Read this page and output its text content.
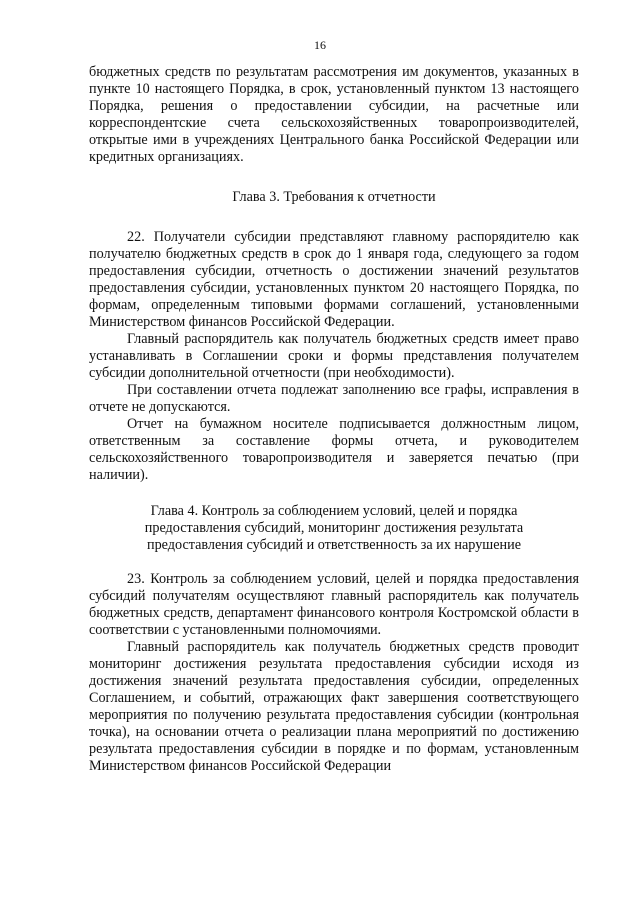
16

бюджетных средств по результатам рассмотрения им документов, указанных в пункте 10 настоящего Порядка, в срок, установленный пунктом 13 настоящего Порядка, решения о предоставлении субсидии, на расчетные или корреспондентские счета сельскохозяйственных товаропроизводителей, открытые ими в учреждениях Центрального банка Российской Федерации или кредитных организациях.

Глава 3. Требования к отчетности

22. Получатели субсидии представляют главному распорядителю как получателю бюджетных средств в срок до 1 января года, следующего за годом предоставления субсидии, отчетность о достижении значений результатов предоставления субсидии, установленных пунктом 20 настоящего Порядка, по формам, определенным типовыми формами соглашений, установленными Министерством финансов Российской Федерации.

Главный распорядитель как получатель бюджетных средств имеет право устанавливать в Соглашении сроки и формы представления получателем субсидии дополнительной отчетности (при необходимости).

При составлении отчета подлежат заполнению все графы, исправления в отчете не допускаются.

Отчет на бумажном носителе подписывается должностным лицом, ответственным за составление формы отчета, и руководителем сельскохозяйственного товаропроизводителя и заверяется печатью (при наличии).

Глава 4. Контроль за соблюдением условий, целей и порядка
предоставления субсидий, мониторинг достижения результата
предоставления субсидий и ответственность за их нарушение

23. Контроль за соблюдением условий, целей и порядка предоставления субсидий получателям осуществляют главный распорядитель как получатель бюджетных средств, департамент финансового контроля Костромской области в соответствии с установленными полномочиями.

Главный распорядитель как получатель бюджетных средств проводит мониторинг достижения результата предоставления субсидии исходя из достижения значений результата предоставления субсидии, определенных Соглашением, и событий, отражающих факт завершения соответствующего мероприятия по получению результата предоставления субсидии (контрольная точка), на основании отчета о реализации плана мероприятий по достижению результата предоставления субсидии в порядке и по формам, установленным Министерством финансов Российской Федерации
